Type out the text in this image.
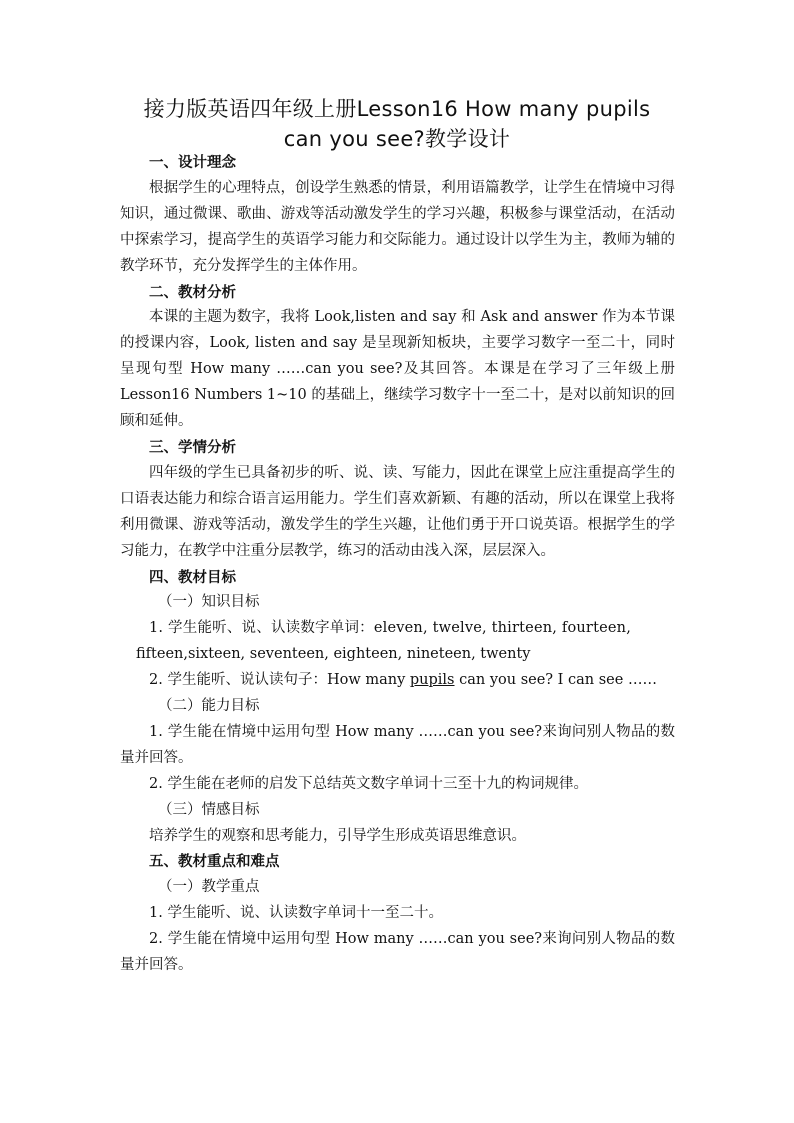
接力版英语四年级上册Lesson16 How many pupils
can you see?教学设计

一、设计理念

根据学生的心理特点，创设学生熟悉的情景，利用语篇教学，让学生在情境中习得知识，通过微课、歌曲、游戏等活动激发学生的学习兴趣，积极参与课堂活动，在活动中探索学习，提高学生的英语学习能力和交际能力。通过设计以学生为主，教师为辅的教学环节，充分发挥学生的主体作用。

二、教材分析

本课的主题为数字，我将 Look,listen and say 和 Ask and answer 作为本节课的授课内容，Look, listen and say 是呈现新知板块，主要学习数字一至二十，同时呈现句型 How many ……can you see?及其回答。本课是在学习了三年级上册 Lesson16 Numbers 1~10 的基础上，继续学习数字十一至二十，是对以前知识的回顾和延伸。

三、学情分析

四年级的学生已具备初步的听、说、读、写能力，因此在课堂上应注重提高学生的口语表达能力和综合语言运用能力。学生们喜欢新颖、有趣的活动，所以在课堂上我将利用微课、游戏等活动，激发学生的学生兴趣，让他们勇于开口说英语。根据学生的学习能力，在教学中注重分层教学，练习的活动由浅入深，层层深入。

四、教材目标

（一）知识目标

1. 学生能听、说、认读数字单词：eleven, twelve, thirteen, fourteen,

fifteen,sixteen, seventeen, eighteen, nineteen, twenty

2. 学生能听、说认读句子：How many pupils can you see? I can see ……

（二）能力目标

1. 学生能在情境中运用句型 How many ……can you see?来询问别人物品的数量并回答。

2. 学生能在老师的启发下总结英文数字单词十三至十九的构词规律。

（三）情感目标

培养学生的观察和思考能力，引导学生形成英语思维意识。

五、教材重点和难点

（一）教学重点

1. 学生能听、说、认读数字单词十一至二十。

2. 学生能在情境中运用句型 How many ……can you see?来询问别人物品的数量并回答。
